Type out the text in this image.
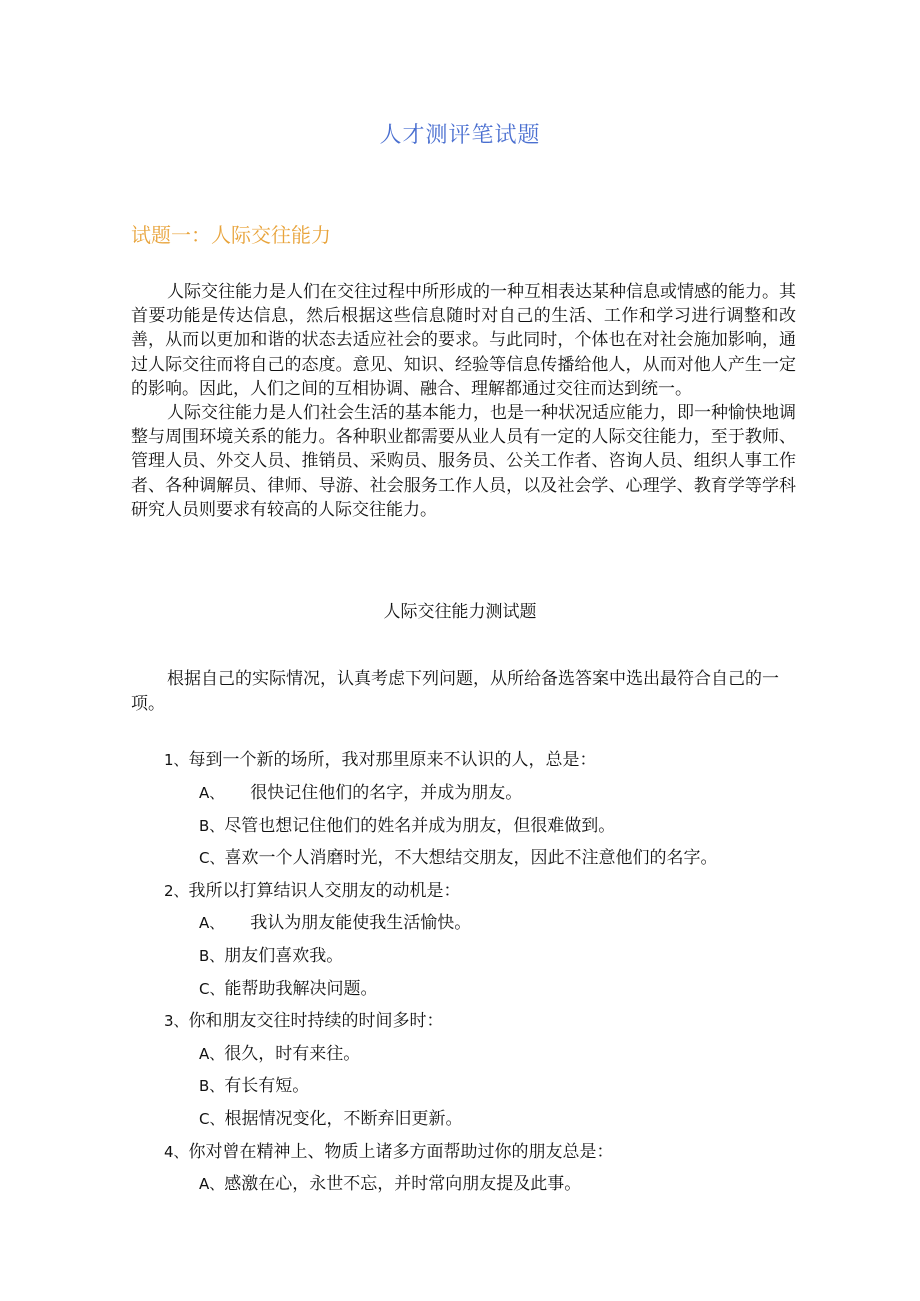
人才测评笔试题
试题一：人际交往能力

人际交往能力是人们在交往过程中所形成的一种互相表达某种信息或情感的能力。其首要功能是传达信息，然后根据这些信息随时对自己的生活、工作和学习进行调整和改善，从而以更加和谐的状态去适应社会的要求。与此同时，个体也在对社会施加影响，通过人际交往而将自己的态度。意见、知识、经验等信息传播给他人，从而对他人产生一定的影响。因此，人们之间的互相协调、融合、理解都通过交往而达到统一。

人际交往能力是人们社会生活的基本能力，也是一种状况适应能力，即一种愉快地调整与周围环境关系的能力。各种职业都需要从业人员有一定的人际交往能力，至于教师、管理人员、外交人员、推销员、采购员、服务员、公关工作者、咨询人员、组织人事工作者、各种调解员、律师、导游、社会服务工作人员，以及社会学、心理学、教育学等学科研究人员则要求有较高的人际交往能力。

人际交往能力测试题

根据自己的实际情况，认真考虑下列问题，从所给备选答案中选出最符合自己的一项。

1、每到一个新的场所，我对那里原来不认识的人，总是：
A、 很快记住他们的名字，并成为朋友。
B、尽管也想记住他们的姓名并成为朋友，但很难做到。
C、喜欢一个人消磨时光，不大想结交朋友，因此不注意他们的名字。
2、我所以打算结识人交朋友的动机是：
A、 我认为朋友能使我生活愉快。
B、朋友们喜欢我。
C、能帮助我解决问题。
3、你和朋友交往时持续的时间多时：
A、很久，时有来往。
B、有长有短。
C、根据情况变化，不断弃旧更新。
4、你对曾在精神上、物质上诸多方面帮助过你的朋友总是：
A、感激在心，永世不忘，并时常向朋友提及此事。
